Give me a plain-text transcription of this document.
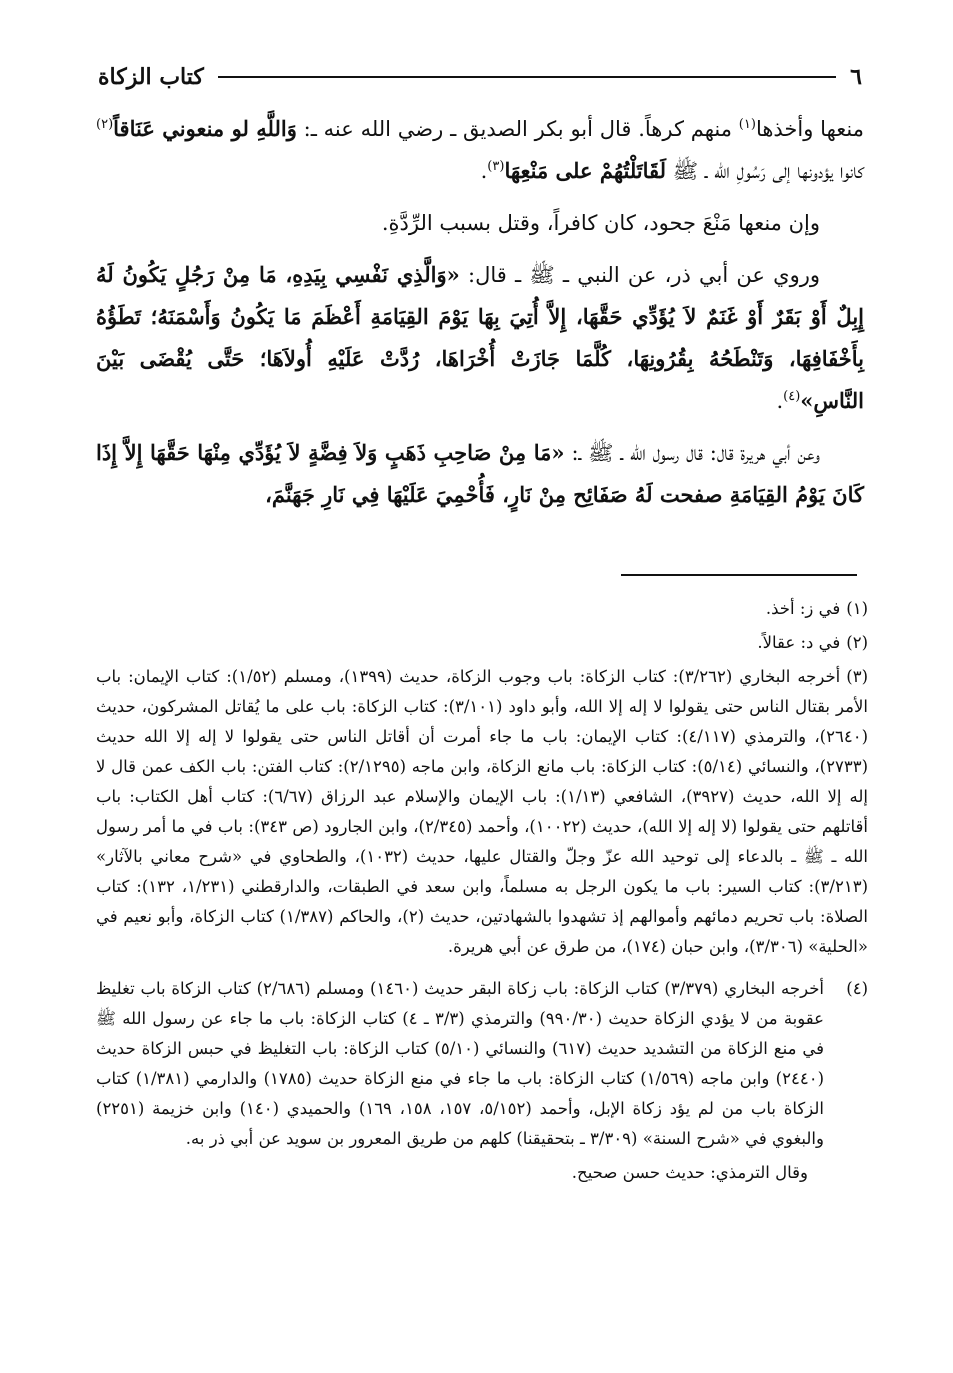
٦
كتاب الزكاة

منعها وأخذها$^{(١)}$ منهم كرهاً. قال أبو بكر الصديق ـ رضي الله عنه ـ: وَاللَّهِ لو منعوني عَنَاقاً$^{(٢)}$ كانوا يؤدونها إلى رَسُولِ الله ـ ﷺ لَقَاتَلْتُهُمْ على مَنْعِهَا$^{(٣)}$.

وإن منعها مَنْعَ جحود، كان كافراً، وقتل بسبب الرِّدَّةِ.

وروي عن أبي ذر، عن النبي ـ ﷺ ـ قال: «وَالَّذِي نَفْسِي بِيَدِهِ، مَا مِنْ رَجُلٍ يَكُونُ لَهُ إِبِلٌ أَوْ بَقَرٌ أَوْ غَنَمٌ لاَ يُؤَدِّي حَقَّهَا، إِلاَّ أُتِيَ بِهَا يَوْمَ القِيَامَةِ أَعْظَمَ مَا يَكُونُ وَأَسْمَنَهُ؛ تَطَؤُهُ بِأَخْفَافِهَا، وَتَنْطَحُهُ بِقُرُونِهَا، كُلَّمَا جَازَتْ أُخْرَاهَا، رُدَّتْ عَلَيْهِ أُولاَهَا؛ حَتَّى يُقْضَى بَيْنَ النَّاسِ»$^{(٤)}$.

وعن أبي هريرة قال: قال رسول الله ـ ﷺ ـ: «مَا مِنْ صَاحِبِ ذَهَبٍ وَلاَ فِضَّةٍ لاَ يُؤَدِّي مِنْهَا حَقَّهَا إِلاَّ إِذَا كَانَ يَوْمُ القِيَامَةِ صفحت لَهُ صَفَائِح مِنْ نَارٍ، فَأُحْمِيَ عَلَيْهَا فِي نَارِ جَهَنَّمَ،

(١)في ز: أخذ.

(٢)في د: عقالاً.

(٣)أخرجه البخاري (٣/٢٦٢): كتاب الزكاة: باب وجوب الزكاة، حديث (١٣٩٩)، ومسلم (١/٥٢): كتاب الإيمان: باب الأمر بقتال الناس حتى يقولوا لا إله إلا الله، وأبو داود (٣/١٠١): كتاب الزكاة: باب على ما يُقاتل المشركون، حديث (٢٦٤٠)، والترمذي (٤/١١٧): كتاب الإيمان: باب ما جاء أمرت أن أقاتل الناس حتى يقولوا لا إله إلا الله حديث (٢٧٣٣)، والنسائي (٥/١٤): كتاب الزكاة: باب مانع الزكاة، وابن ماجه (٢/١٢٩٥): كتاب الفتن: باب الكف عمن قال لا إله إلا الله، حديث (٣٩٢٧)، الشافعي (١/١٣): باب الإيمان والإسلام عبد الرزاق (٦/٦٧): كتاب أهل الكتاب: باب أقاتلهم حتى يقولوا (لا إله إلا الله)، حديث (١٠٠٢٢)، وأحمد (٢/٣٤٥)، وابن الجارود (ص ٣٤٣): باب في ما أمر رسول الله ـ ﷺ ـ بالدعاء إلى توحيد الله عزّ وجلّ والقتال عليها، حديث (١٠٣٢)، والطحاوي في «شرح معاني بالآثار» (٣/٢١٣): كتاب السير: باب ما يكون الرجل به مسلماً، وابن سعد في الطبقات، والدارقطني (١/٢٣١، ١٣٢): كتاب الصلاة: باب تحريم دمائهم وأموالهم إذ تشهدوا بالشهادتين، حديث (٢)، والحاكم (١/٣٨٧) كتاب الزكاة، وأبو نعيم في «الحلية» (٣/٣٠٦)، وابن حبان (١٧٤)، من طرق عن أبي هريرة.

(٤)أخرجه البخاري (٣/٣٧٩) كتاب الزكاة: باب زكاة البقر حديث (١٤٦٠) ومسلم (٢/٦٨٦) كتاب الزكاة باب تغليظ عقوبة من لا يؤدي الزكاة حديث (٩٩٠/٣٠) والترمذي (٣/٣ ـ ٤) كتاب الزكاة: باب ما جاء عن رسول الله ﷺ في منع الزكاة من التشديد حديث (٦١٧) والنسائي (٥/١٠) كتاب الزكاة: باب التغليظ في حبس الزكاة حديث (٢٤٤٠) وابن ماجه (١/٥٦٩) كتاب الزكاة: باب ما جاء في منع الزكاة حديث (١٧٨٥) والدارمي (١/٣٨١) كتاب الزكاة باب من لم يؤد زكاة الإبل، وأحمد (٥/١٥٢، ١٥٧، ١٥٨، ١٦٩) والحميدي (١٤٠) وابن خزيمة (٢٢٥١) والبغوي في «شرح السنة» (٣/٣٠٩ ـ بتحقيقنا) كلهم من طريق المعرور بن سويد عن أبي ذر به.

وقال الترمذي: حديث حسن صحيح.
